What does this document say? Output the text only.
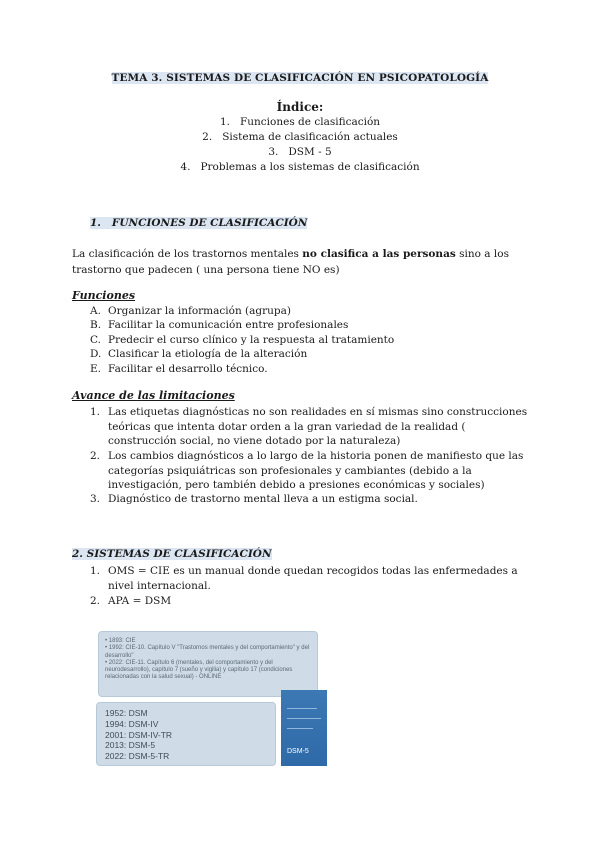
TEMA 3. SISTEMAS DE CLASIFICACIÓN EN PSICOPATOLOGÍA
Índice:
1. Funciones de clasificación
2. Sistema de clasificación actuales
3. DSM - 5
4. Problemas a los sistemas de clasificación
1.   FUNCIONES DE CLASIFICACIÓN
La clasificación de los trastornos mentales no clasifica a las personas sino a los trastorno que padecen ( una persona tiene NO es)
Funciones
A. Organizar la información (agrupa)
B. Facilitar la comunicación entre profesionales
C. Predecir el curso clínico y la respuesta al tratamiento
D. Clasificar la etiología de la alteración
E. Facilitar el desarrollo técnico.
Avance de las limitaciones
1. Las etiquetas diagnósticas no son realidades en sí mismas sino construcciones teóricas que intenta dotar orden a la gran variedad de la realidad ( construcción social, no viene dotado por la naturaleza)
2. Los cambios diagnósticos a lo largo de la historia ponen de manifiesto que las categorías psiquiátricas son profesionales y cambiantes (debido a la investigación, pero también debido a presiones económicas y sociales)
3. Diagnóstico de trastorno mental lleva a un estigma social.
2. SISTEMAS DE CLASIFICACIÓN
1. OMS = CIE es un manual donde quedan recogidos todas las enfermedades a nivel internacional.
2. APA = DSM
• 1893: CIE
• 1992: CIE-10. Capítulo V "Trastornos mentales y del comportamiento" y del desarrollo"
• 2022: CIE-11. Capítulo 6 (mentales, del comportamiento y del neurodesarrollo), capítulo 7 (sueño y vigilia) y capítulo 17 (condiciones relacionadas con la salud sexual) - ONLINE
1952: DSM
1994: DSM-IV
2001: DSM-IV-TR
2013: DSM-5
2022: DSM-5-TR	DSM-5
